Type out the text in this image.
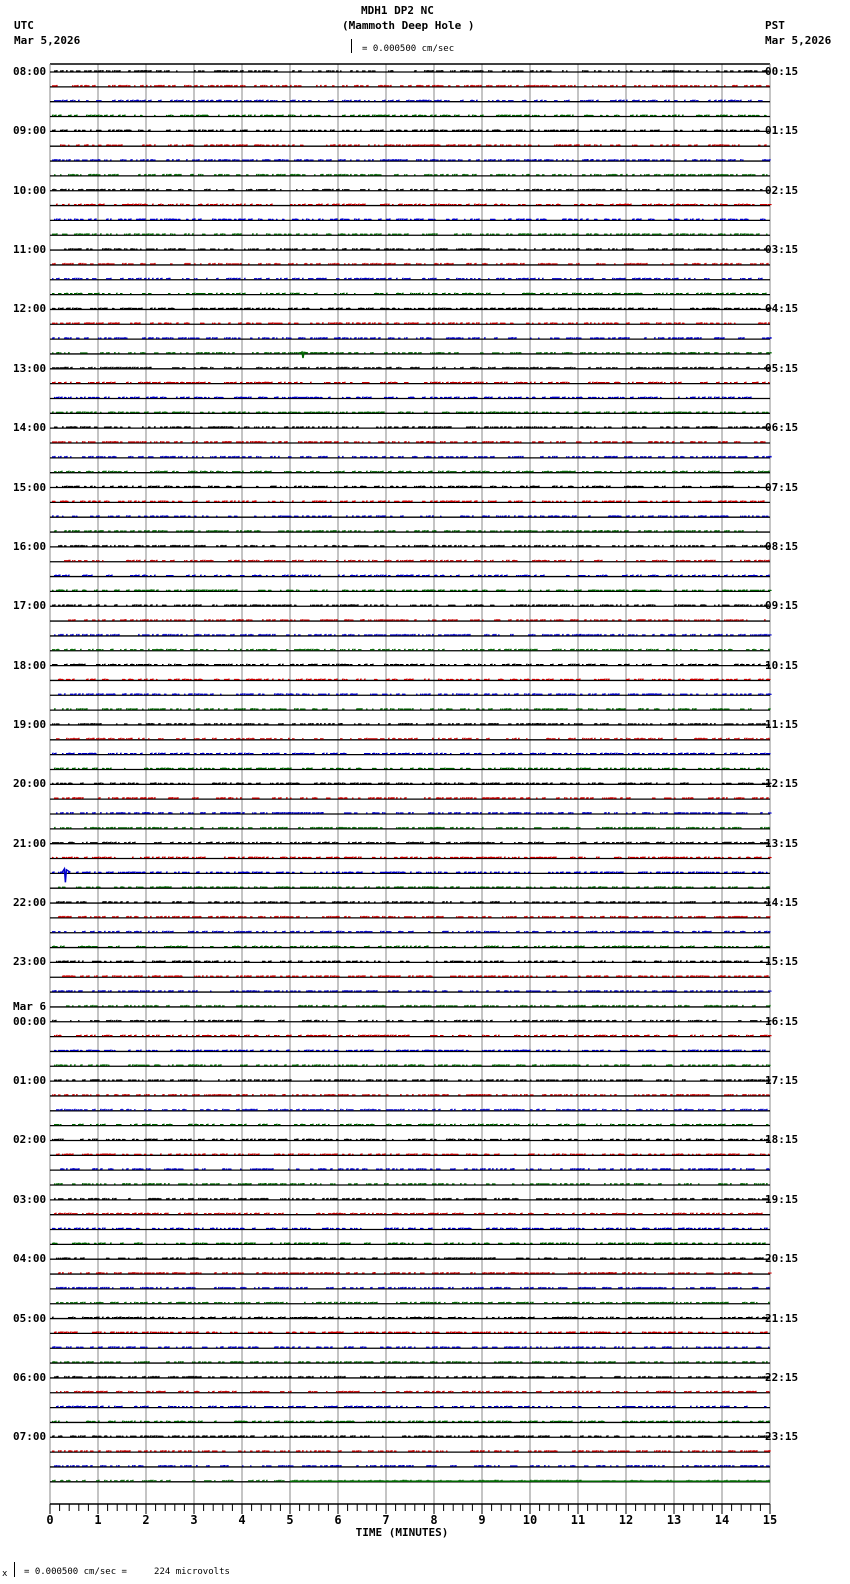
MDH1 DP2 NC
(Mammoth Deep Hole )
UTC
Mar 5,2026
PST
Mar 5,2026
= 0.000500 cm/sec
0	1	2	3	4	5	6	7	8	9	10	11	12	13	14	15
TIME (MINUTES)
08:00	00:15
09:00	01:15
10:00	02:15
11:00	03:15
12:00	04:15
13:00	05:15
14:00	06:15
15:00	07:15
16:00	08:15
17:00	09:15
18:00	10:15
19:00	11:15
20:00	12:15
21:00	13:15
22:00	14:15
23:00	15:15
00:00	16:15
01:00	17:15
02:00	18:15
03:00	19:15
04:00	20:15
05:00	21:15
06:00	22:15
07:00	23:15
Mar 6
x = 0.000500 cm/sec =     224 microvolts
